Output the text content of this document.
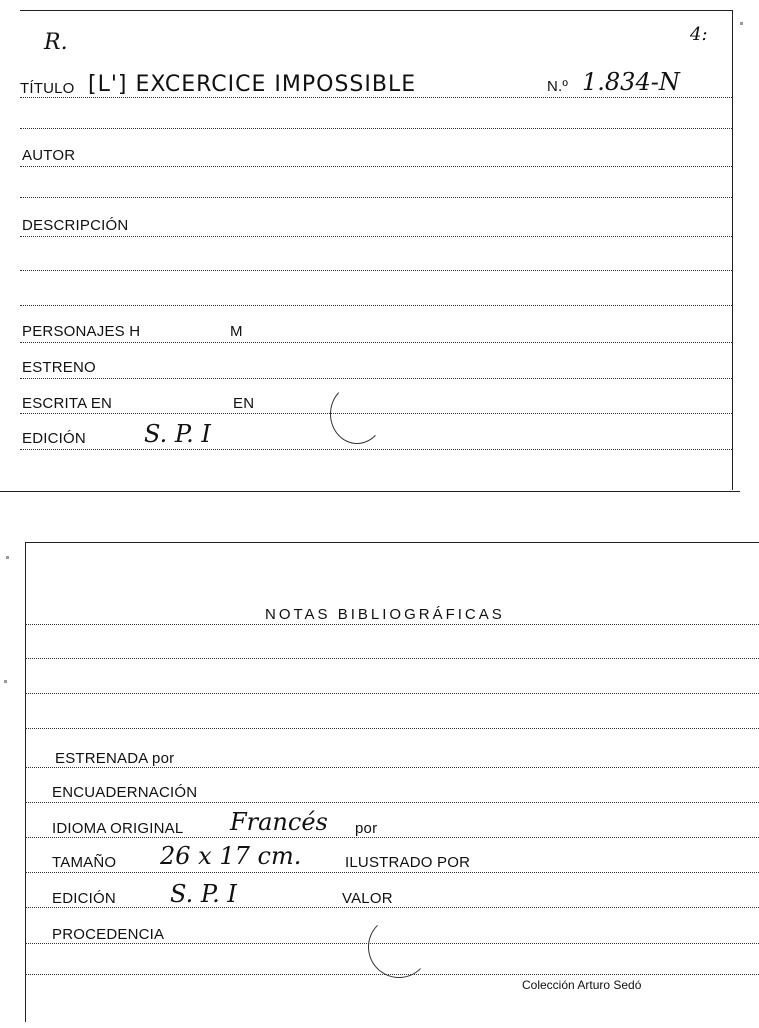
R.	4:
TÍTULO [L'] EXCERCICE IMPOSSIBLE	N.º 1.834-N
AUTOR
DESCRIPCIÓN
PERSONAJES H	M
ESTRENO
ESCRITA EN	EN
EDICIÓN S. P. I
NOTAS BIBLIOGRÁFICAS
ESTRENADA por
ENCUADERNACIÓN
IDIOMA ORIGINAL Francés por
TAMAÑO 26 x 17 cm.	ILUSTRADO POR
EDICIÓN S. P. I	VALOR
PROCEDENCIA
Colección Arturo Sedó
